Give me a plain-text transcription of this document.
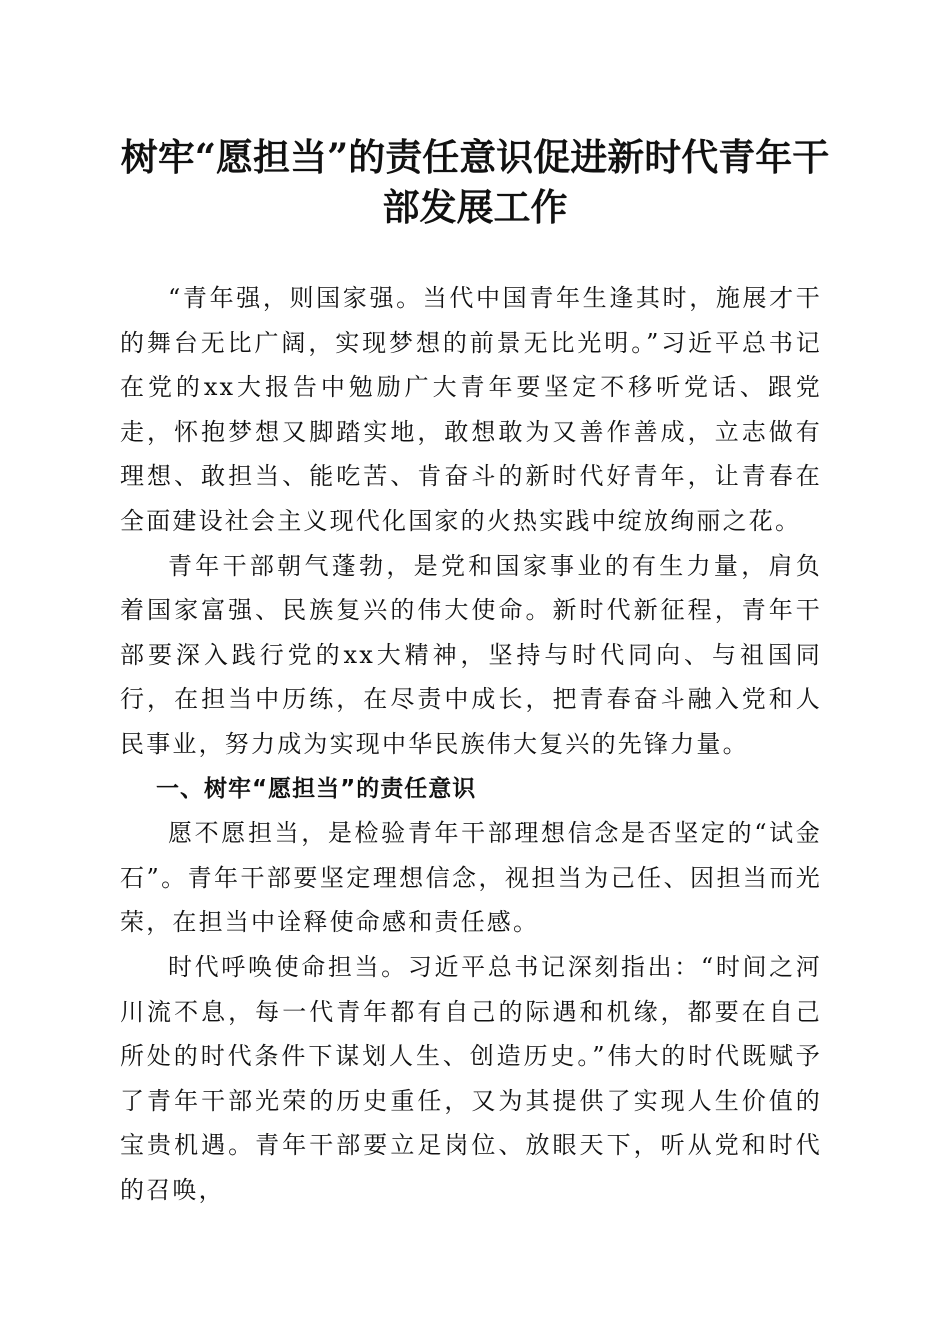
树牢“愿担当”的责任意识促进新时代青年干部发展工作

“青年强，则国家强。当代中国青年生逢其时，施展才干的舞台无比广阔，实现梦想的前景无比光明。”习近平总书记在党的xx大报告中勉励广大青年要坚定不移听党话、跟党走，怀抱梦想又脚踏实地，敢想敢为又善作善成，立志做有理想、敢担当、能吃苦、肯奋斗的新时代好青年，让青春在全面建设社会主义现代化国家的火热实践中绽放绚丽之花。

青年干部朝气蓬勃，是党和国家事业的有生力量，肩负着国家富强、民族复兴的伟大使命。新时代新征程，青年干部要深入践行党的xx大精神，坚持与时代同向、与祖国同行，在担当中历练，在尽责中成长，把青春奋斗融入党和人民事业，努力成为实现中华民族伟大复兴的先锋力量。

一、树牢“愿担当”的责任意识

愿不愿担当，是检验青年干部理想信念是否坚定的“试金石”。青年干部要坚定理想信念，视担当为己任、因担当而光荣，在担当中诠释使命感和责任感。

时代呼唤使命担当。习近平总书记深刻指出：“时间之河川流不息，每一代青年都有自己的际遇和机缘，都要在自己所处的时代条件下谋划人生、创造历史。”伟大的时代既赋予了青年干部光荣的历史重任，又为其提供了实现人生价值的宝贵机遇。青年干部要立足岗位、放眼天下，听从党和时代的召唤，
